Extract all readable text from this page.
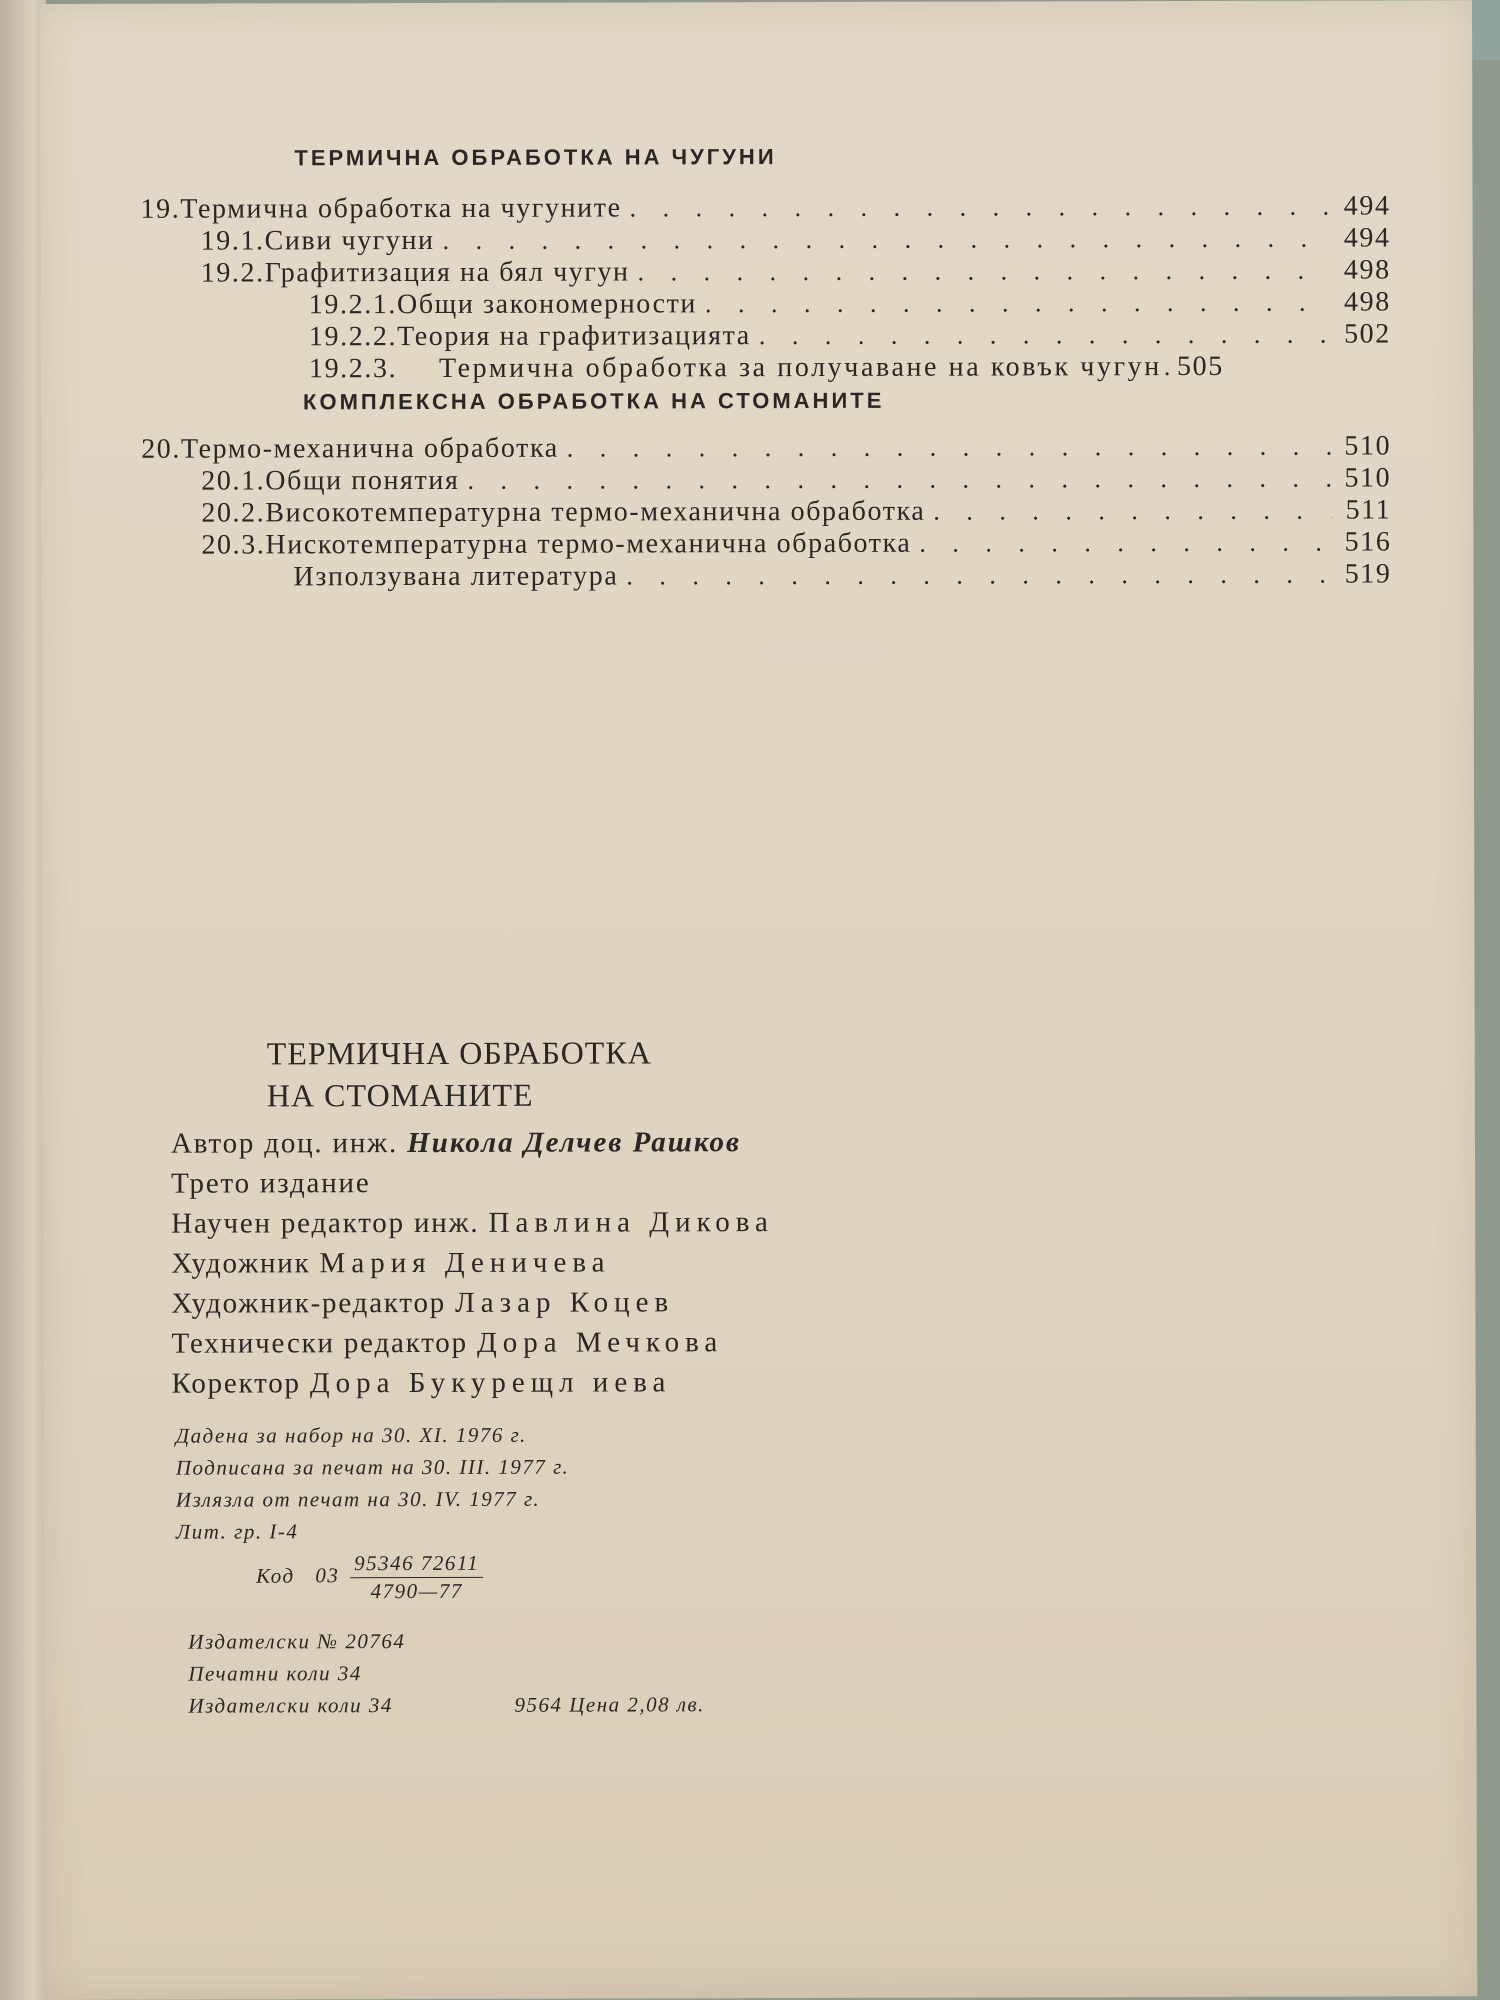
ТЕРМИЧНА ОБРАБОТКА НА ЧУГУНИ
19. Термична обработка на чугуните . . .	494
19.1. Сиви чугуни . . .	494
19.2. Графитизация на бял чугун . . .	498
19.2.1. Общи закономерности . . .	498
19.2.2. Теория на графитизацията . . .	502
19.2.3.	Термична обработка за получаване на ковък чугун . . . 505
КОМПЛЕКСНА ОБРАБОТКА НА СТОМАНИТЕ
20. Термо-механична обработка . . .	510
20.1. Общи понятия . . .	510
20.2. Високотемпературна термо-механична обработка . . .	511
20.3. Нискотемпературна термо-механична обработка . . .	516
Използувана литература . . .	519
ТЕРМИЧНА ОБРАБОТКА
НА СТОМАНИТЕ
Автор доц. инж. Никола Делчев Рашков
Трето издание
Научен редактор инж. Павлина Дикова
Художник Мария Деничева
Художник-редактор Лазар Коцев
Технически редактор Дора Мечкова
Коректор Дора Букурещл иева
Дадена за набор на 30. XI. 1976 г.
Подписана за печат на 30. III. 1977 г.
Излязла от печат на 30. IV. 1977 г.
Лит. гр. I-4
Код $03 \frac{95346 72611}{4790—77}$
Издателски № 20764
Печатни коли 34
Издателски коли 34	9564 Цена 2,08 лв.
